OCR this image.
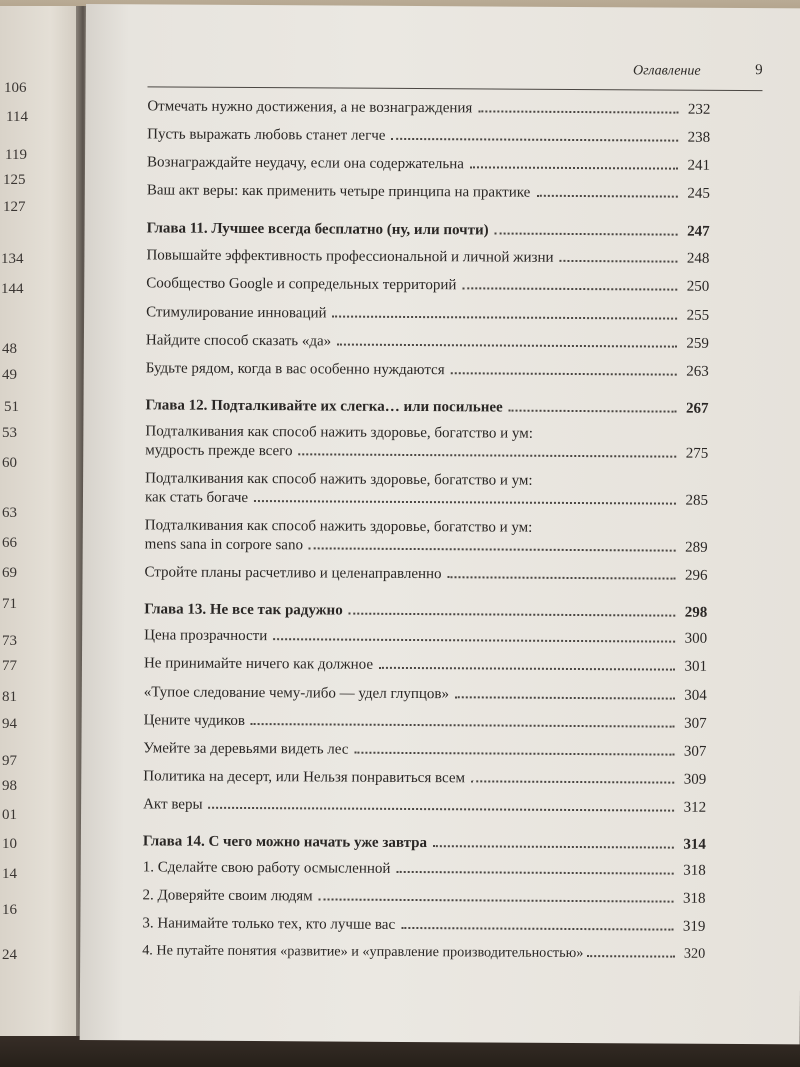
106
114
119
125
127
134
144
48
49
51
53
60
63
66
69
71
73
77
81
94
97
98
01
10
14
16
24
Оглавление	9
Отмечать нужно достижения, а не вознаграждения	232
Пусть выражать любовь станет легче	238
Вознаграждайте неудачу, если она содержательна	241
Ваш акт веры: как применить четыре принципа на практике	245
Глава 11. Лучшее всегда бесплатно (ну, или почти)	247
Повышайте эффективность профессиональной и личной жизни	248
Сообщество Google и сопредельных территорий	250
Стимулирование инноваций	255
Найдите способ сказать «да»	259
Будьте рядом, когда в вас особенно нуждаются	263
Глава 12. Подталкивайте их слегка… или посильнее	267
Подталкивания как способ нажить здоровье, богатство и ум:
мудрость прежде всего	275
Подталкивания как способ нажить здоровье, богатство и ум:
как стать богаче	285
Подталкивания как способ нажить здоровье, богатство и ум:
mens sana in corpore sano	289
Стройте планы расчетливо и целенаправленно	296
Глава 13. Не все так радужно	298
Цена прозрачности	300
Не принимайте ничего как должное	301
«Тупое следование чему-либо — удел глупцов»	304
Цените чудиков	307
Умейте за деревьями видеть лес	307
Политика на десерт, или Нельзя понравиться всем	309
Акт веры	312
Глава 14. С чего можно начать уже завтра	314
1. Сделайте свою работу осмысленной	318
2. Доверяйте своим людям	318
3. Нанимайте только тех, кто лучше вас	319
4. Не путайте понятия «развитие» и «управление производительностью»	320
